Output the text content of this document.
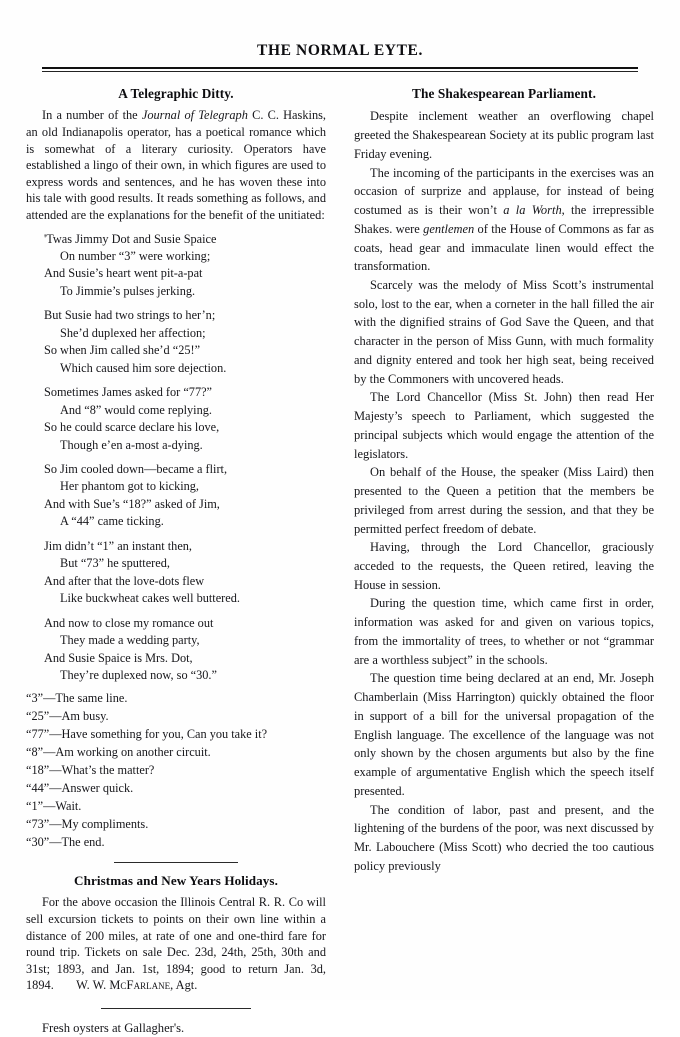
THE NORMAL EYTE.
A Telegraphic Ditty.

In a number of the Journal of Telegraph C. C. Haskins, an old Indianapolis operator, has a poetical romance which is somewhat of a literary curiosity. Operators have established a lingo of their own, in which figures are used to express words and sentences, and he has woven these into his tale with good results. It reads something as follows, and attended are the explanations for the benefit of the unitiated:

'Twas Jimmy Dot and Susie Spaice
On number “3” were working;
And Susie’s heart went pit-a-pat
To Jimmie’s pulses jerking.
But Susie had two strings to her’n;
She’d duplexed her affection;
So when Jim called she’d “25!”
Which caused him sore dejection.
Sometimes James asked for “77?”
And “8” would come replying.
So he could scarce declare his love,
Though e’en a-most a-dying.
So Jim cooled down—became a flirt,
Her phantom got to kicking,
And with Sue’s “18?” asked of Jim,
A “44” came ticking.
Jim didn’t “1” an instant then,
But “73” he sputtered,
And after that the love-dots flew
Like buckwheat cakes well buttered.
And now to close my romance out
They made a wedding party,
And Susie Spaice is Mrs. Dot,
They’re duplexed now, so “30.”
“3”—The same line.
“25”—Am busy.
“77”—Have something for you, Can you take it?
“8”—Am working on another circuit.
“18”—What’s the matter?
“44”—Answer quick.
“1”—Wait.
“73”—My compliments.
“30”—The end.
Christmas and New Years Holidays.

For the above occasion the Illinois Central R. R. Co will sell excursion tickets to points on their own line within a distance of 200 miles, at rate of one and one-third fare for round trip. Tickets on sale Dec. 23d, 24th, 25th, 30th and 31st; 1893, and Jan. 1st, 1894; good to return Jan. 3d, 1894.       W. W. McFarlane, Agt.

Fresh oysters at Gallagher's.

The Shakespearean Parliament.

Despite inclement weather an overflowing chapel greeted the Shakespearean Society at its public program last Friday evening.

The incoming of the participants in the exercises was an occasion of surprize and applause, for instead of being costumed as is their won’t a la Worth, the irrepressible Shakes. were gentlemen of the House of Commons as far as coats, head gear and immaculate linen would effect the transformation.

Scarcely was the melody of Miss Scott’s instrumental solo, lost to the ear, when a corneter in the hall filled the air with the dignified strains of God Save the Queen, and that character in the person of Miss Gunn, with much formality and dignity entered and took her high seat, being received by the Commoners with uncovered heads.

The Lord Chancellor (Miss St. John) then read Her Majesty’s speech to Parliament, which suggested the principal subjects which would engage the attention of the legislators.

On behalf of the House, the speaker (Miss Laird) then presented to the Queen a petition that the members be privileged from arrest during the session, and that they be permitted perfect freedom of debate.

Having, through the Lord Chancellor, graciously acceded to the requests, the Queen retired, leaving the House in session.

During the question time, which came first in order, information was asked for and given on various topics, from the immortality of trees, to whether or not “grammar are a worthless subject” in the schools.

The question time being declared at an end, Mr. Joseph Chamberlain (Miss Harrington) quickly obtained the floor in support of a bill for the universal propagation of the English language. The excellence of the language was not only shown by the chosen arguments but also by the fine example of argumentative English which the speech itself presented.

The condition of labor, past and present, and the lightening of the burdens of the poor, was next discussed by Mr. Labouchere (Miss Scott) who decried the too cautious policy previously
